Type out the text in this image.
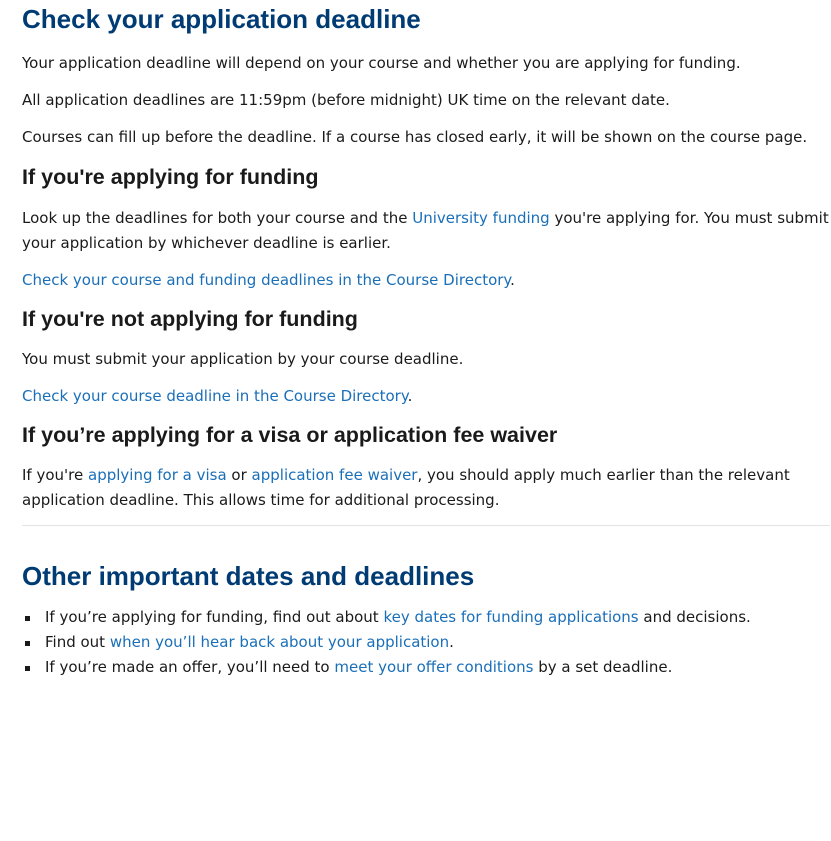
Check your application deadline

Your application deadline will depend on your course and whether you are applying for funding.

All application deadlines are 11:59pm (before midnight) UK time on the relevant date.

Courses can fill up before the deadline. If a course has closed early, it will be shown on the course page.

If you're applying for funding

Look up the deadlines for both your course and the University funding you're applying for. You must submit your application by whichever deadline is earlier.

Check your course and funding deadlines in the Course Directory.

If you're not applying for funding

You must submit your application by your course deadline.

Check your course deadline in the Course Directory.

If you’re applying for a visa or application fee waiver

If you're applying for a visa or application fee waiver, you should apply much earlier than the relevant application deadline. This allows time for additional processing.

Other important dates and deadlines
If you’re applying for funding, find out about key dates for funding applications and decisions.
Find out when you’ll hear back about your application.
If you’re made an offer, you’ll need to meet your offer conditions by a set deadline.
